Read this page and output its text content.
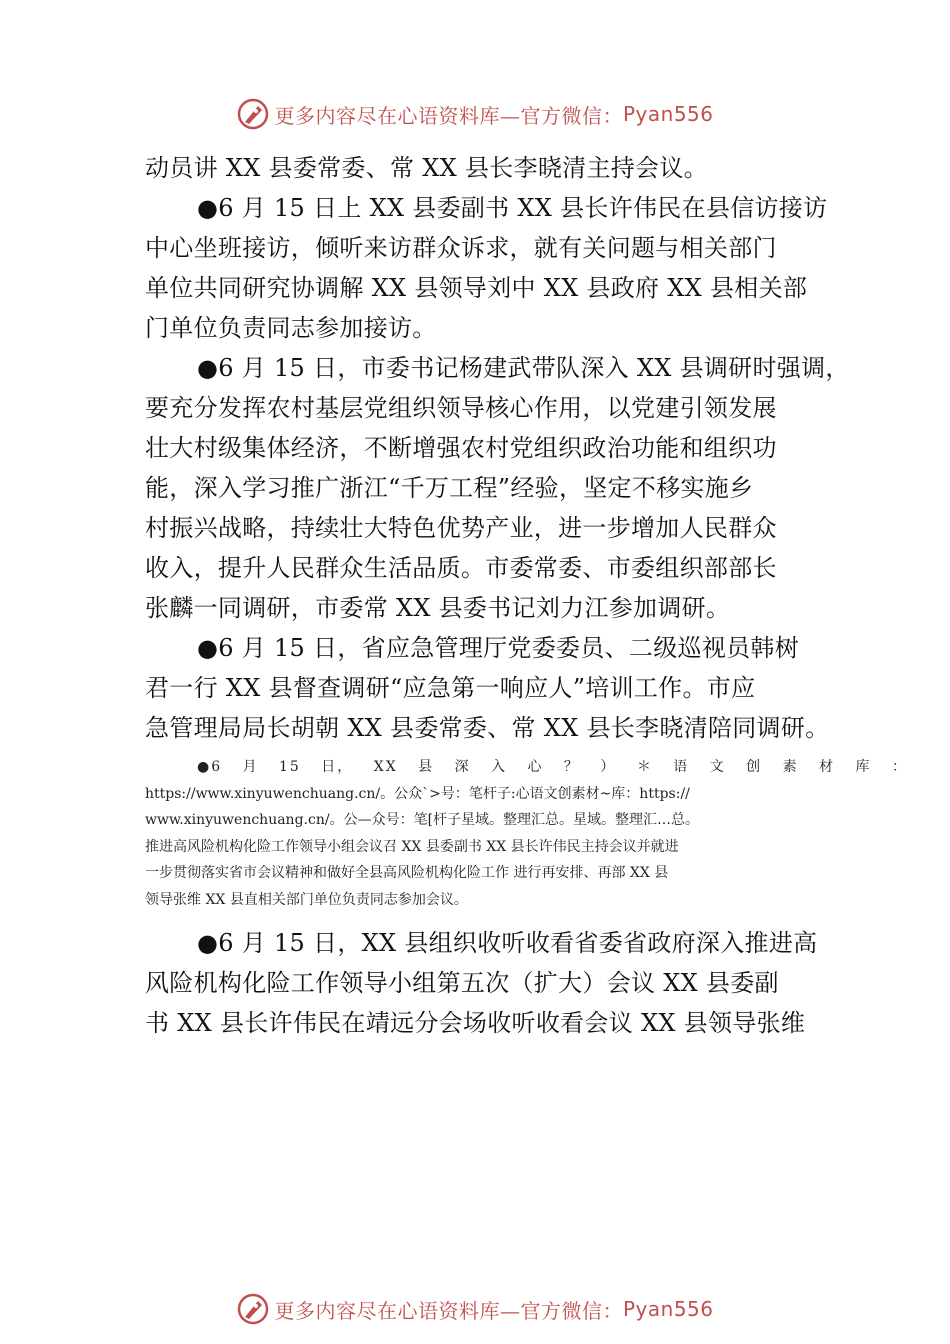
更多内容尽在心语资料库—官方微信： Pyan556
动员讲 XX 县委常委、常 XX 县长李晓清主持会议。
●6 月 15 日上 XX 县委副书 XX 县长许伟民在县信访接访
中心坐班接访，倾听来访群众诉求，就有关问题与相关部门
单位共同研究协调解 XX 县领导刘中 XX 县政府 XX 县相关部
门单位负责同志参加接访。
●6 月 15 日，市委书记杨建武带队深入 XX 县调研时强调，
要充分发挥农村基层党组织领导核心作用，以党建引领发展
壮大村级集体经济，不断增强农村党组织政治功能和组织功
能，深入学习推广浙江“千万工程”经验，坚定不移实施乡
村振兴战略，持续壮大特色优势产业，进一步增加人民群众
收入，提升人民群众生活品质。市委常委、市委组织部部长
张麟一同调研，市委常 XX 县委书记刘力江参加调研。
●6 月 15 日，省应急管理厅党委委员、二级巡视员韩树
君一行 XX 县督查调研“应急第一响应人”培训工作。市应
急管理局局长胡朝 XX 县委常委、常 XX 县长李晓清陪同调研。
●6 月 15 日， XX 县 深 入 心 ？ ） ＊ 语 文 创 素 材 库 ：
https://www.xinyuwenchuang.cn/。公众`>号：笔杆子:心语文创素材~库：https://
www.xinyuwenchuang.cn/。公—众号：笔[杆子星域。整理汇总。星域。整理汇…总。
推进高风险机构化险工作领导小组会议召 XX 县委副书 XX 县长许伟民主持会议并就进
一步贯彻落实省市会议精神和做好全县高风险机构化险工作 进行再安排、再部 XX 县
领导张维 XX 县直相关部门单位负责同志参加会议。
●6 月 15 日，XX 县组织收听收看省委省政府深入推进高
风险机构化险工作领导小组第五次（扩大）会议 XX 县委副
书 XX 县长许伟民在靖远分会场收听收看会议 XX 县领导张维
更多内容尽在心语资料库—官方微信： Pyan556
